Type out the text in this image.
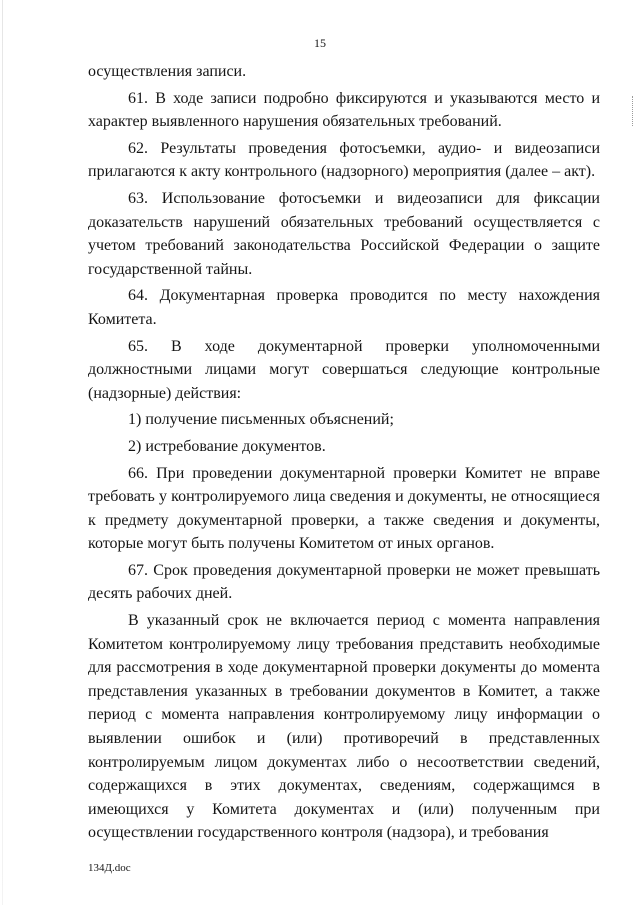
15

осуществления записи.

61. В ходе записи подробно фиксируются и указываются место и характер выявленного нарушения обязательных требований.

62. Результаты проведения фотосъемки, аудио- и видеозаписи прилагаются к акту контрольного (надзорного) мероприятия (далее – акт).

63. Использование фотосъемки и видеозаписи для фиксации доказательств нарушений обязательных требований осуществляется с учетом требований законодательства Российской Федерации о защите государственной тайны.

64. Документарная проверка проводится по месту нахождения Комитета.

65. В ходе документарной проверки уполномоченными должностными лицами могут совершаться следующие контрольные (надзорные) действия:

1) получение письменных объяснений;

2) истребование документов.

66. При проведении документарной проверки Комитет не вправе требовать у контролируемого лица сведения и документы, не относящиеся к предмету документарной проверки, а также сведения и документы, которые могут быть получены Комитетом от иных органов.

67. Срок проведения документарной проверки не может превышать десять рабочих дней.

В указанный срок не включается период с момента направления Комитетом контролируемому лицу требования представить необходимые для рассмотрения в ходе документарной проверки документы до момента представления указанных в требовании документов в Комитет, а также период с момента направления контролируемому лицу информации о выявлении ошибок и (или) противоречий в представленных контролируемым лицом документах либо о несоответствии сведений, содержащихся в этих документах, сведениям, содержащимся в имеющихся у Комитета документах и (или) полученным при осуществлении государственного контроля (надзора), и требования

134Д.doc
